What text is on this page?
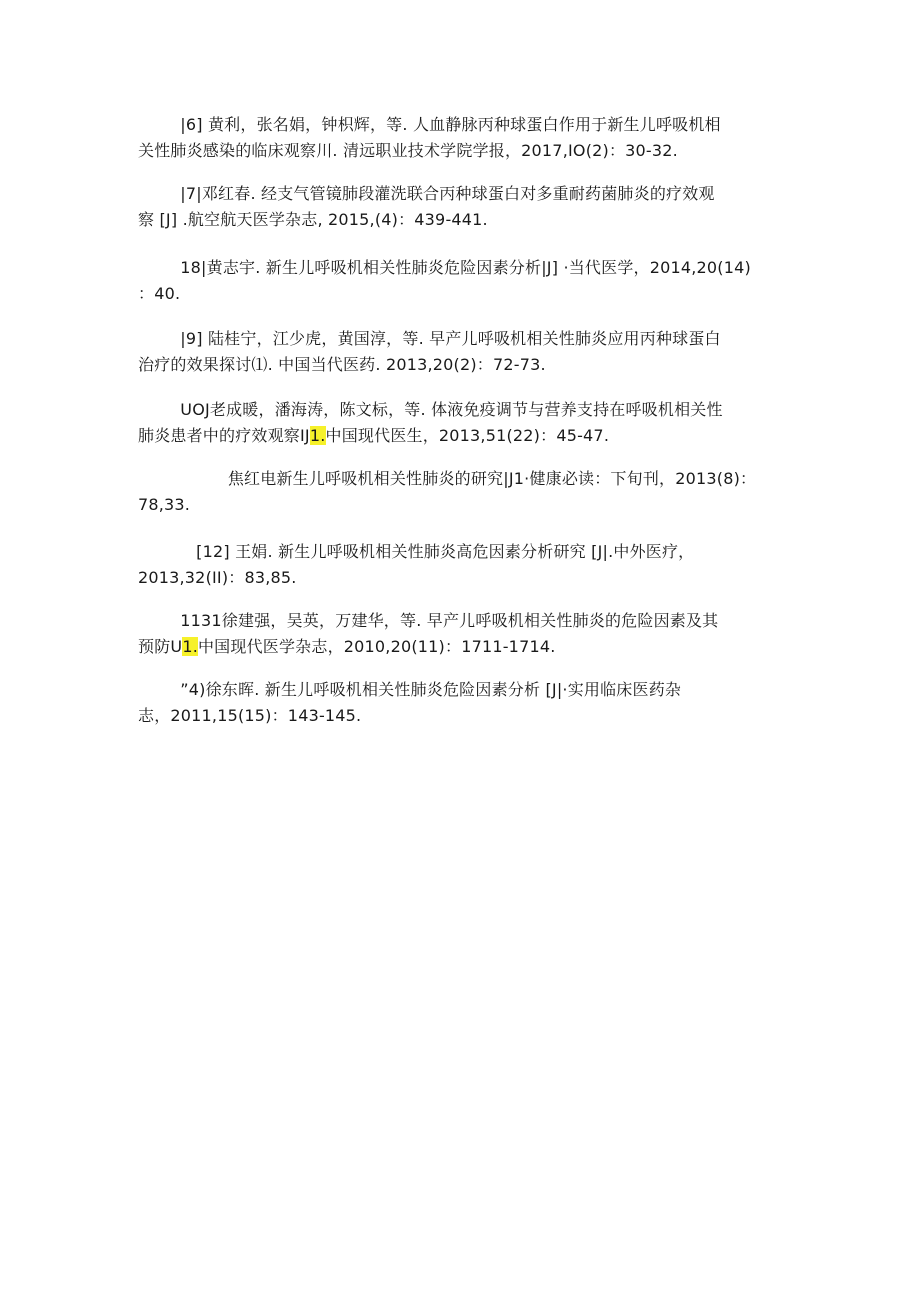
|6] 黄利，张名娟，钟枳辉，等. 人血静脉丙种球蛋白作用于新生儿呼吸机相
关性肺炎感染的临床观察川. 清远职业技术学院学报，2017,IO(2)：30-32.
|7|邓红春. 经支气管镜肺段灌洗联合丙种球蛋白对多重耐药菌肺炎的疗效观
察 [J] .航空航天医学杂志, 2015,(4)：439-441.
18|黄志宇. 新生儿呼吸机相关性肺炎危险因素分析|J] ·当代医学，2014,20(14)
：40.
|9] 陆桂宁，江少虎，黄国淳，等. 早产儿呼吸机相关性肺炎应用丙种球蛋白
治疗的效果探讨⑴. 中国当代医药. 2013,20(2)：72-73.
UOJ老成暖，潘海涛，陈文标，等. 体液免疫调节与营养支持在呼吸机相关性
肺炎患者中的疗效观察IJ1.中国现代医生，2013,51(22)：45-47.
焦红电新生儿呼吸机相关性肺炎的研究|J1·健康必读：下旬刊，2013(8)：
78,33.
[12] 王娟. 新生儿呼吸机相关性肺炎高危因素分析研究 [J|.中外医疗，
2013,32(II)：83,85.
1131徐建强，吴英，万建华，等. 早产儿呼吸机相关性肺炎的危险因素及其
预防U1.中国现代医学杂志，2010,20(11)：1711-1714.
”4)徐东晖. 新生儿呼吸机相关性肺炎危险因素分析 [J|·实用临床医药杂
志，2011,15(15)：143-145.
